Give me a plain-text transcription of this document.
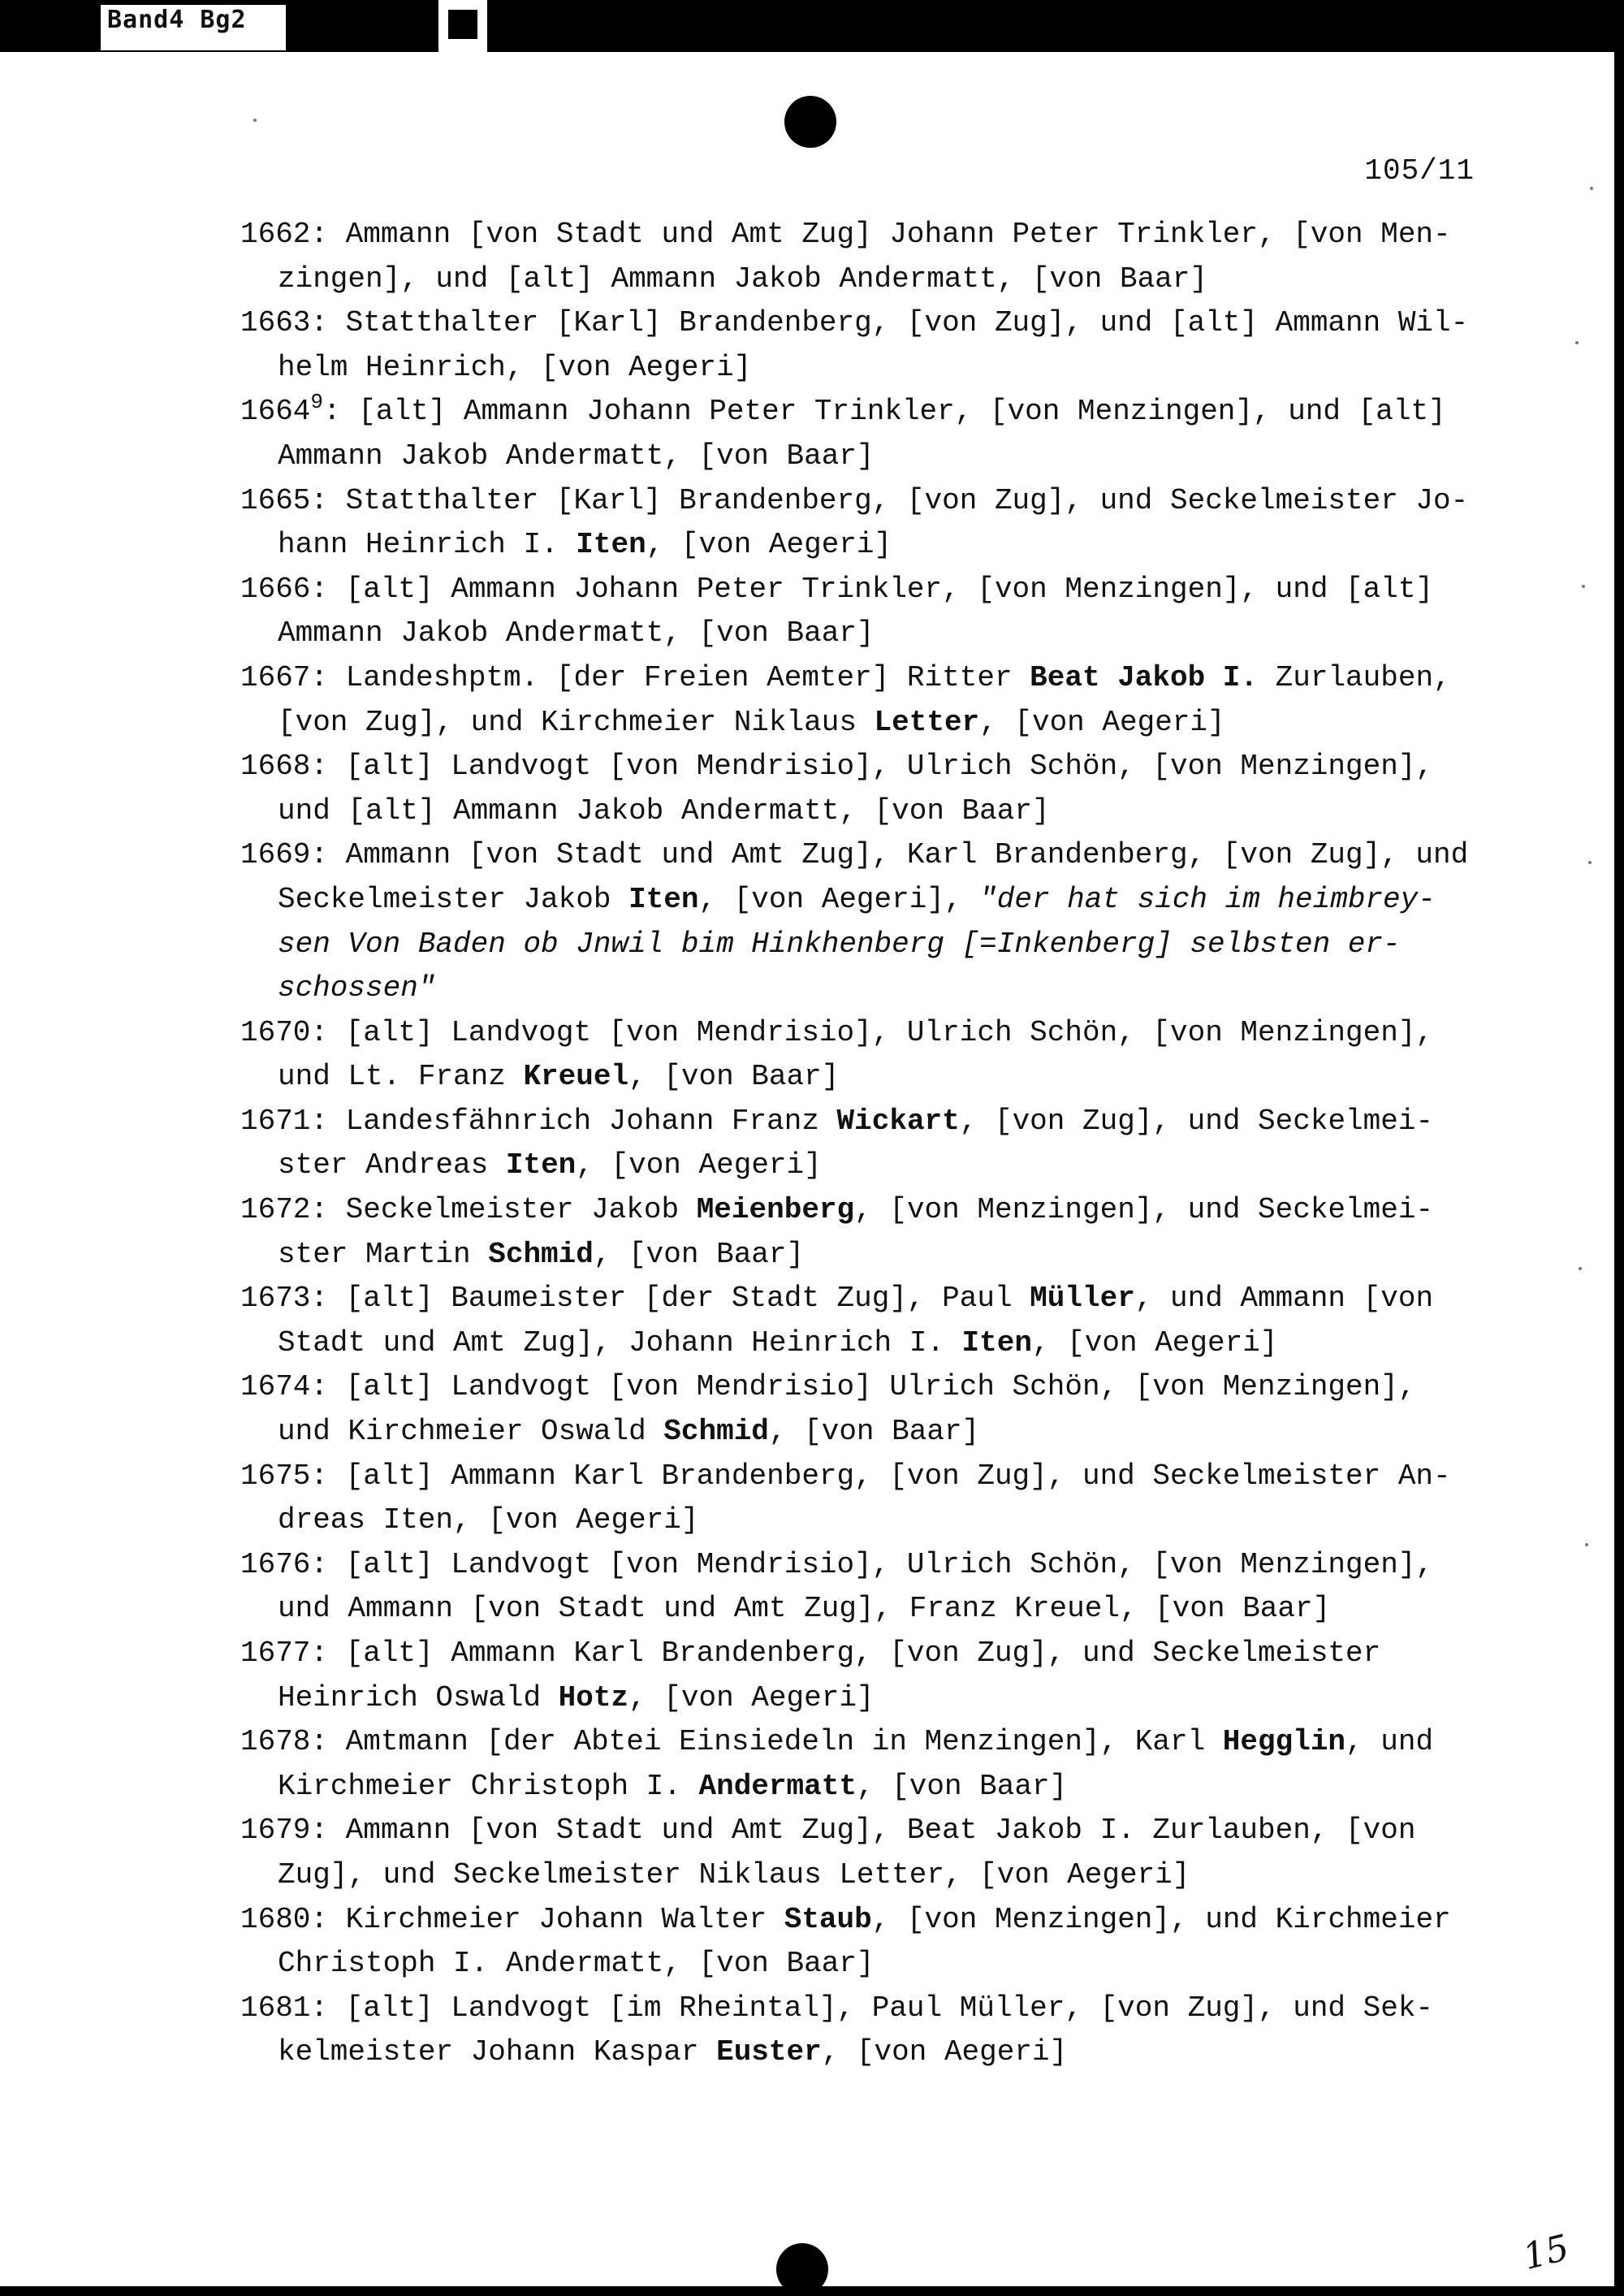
Band4 Bg2
105/11

1662: Ammann [von Stadt und Amt Zug] Johann Peter Trinkler, [von Men-

zingen], und [alt] Ammann Jakob Andermatt, [von Baar]

1663: Statthalter [Karl] Brandenberg, [von Zug], und [alt] Ammann Wil-

helm Heinrich, [von Aegeri]

1664$^9$: [alt] Ammann Johann Peter Trinkler, [von Menzingen], und [alt]

Ammann Jakob Andermatt, [von Baar]

1665: Statthalter [Karl] Brandenberg, [von Zug], und Seckelmeister Jo-

hann Heinrich I. Iten, [von Aegeri]

1666: [alt] Ammann Johann Peter Trinkler, [von Menzingen], und [alt]

Ammann Jakob Andermatt, [von Baar]

1667: Landeshptm. [der Freien Aemter] Ritter Beat Jakob I. Zurlauben,

[von Zug], und Kirchmeier Niklaus Letter, [von Aegeri]

1668: [alt] Landvogt [von Mendrisio], Ulrich Schön, [von Menzingen],

und [alt] Ammann Jakob Andermatt, [von Baar]

1669: Ammann [von Stadt und Amt Zug], Karl Brandenberg, [von Zug], und

Seckelmeister Jakob Iten, [von Aegeri], "der hat sich im heimbrey-

sen Von Baden ob Jnwil bim Hinkhenberg [=Inkenberg] selbsten er-

schossen"

1670: [alt] Landvogt [von Mendrisio], Ulrich Schön, [von Menzingen],

und Lt. Franz Kreuel, [von Baar]

1671: Landesfähnrich Johann Franz Wickart, [von Zug], und Seckelmei-

ster Andreas Iten, [von Aegeri]

1672: Seckelmeister Jakob Meienberg, [von Menzingen], und Seckelmei-

ster Martin Schmid, [von Baar]

1673: [alt] Baumeister [der Stadt Zug], Paul Müller, und Ammann [von

Stadt und Amt Zug], Johann Heinrich I. Iten, [von Aegeri]

1674: [alt] Landvogt [von Mendrisio] Ulrich Schön, [von Menzingen],

und Kirchmeier Oswald Schmid, [von Baar]

1675: [alt] Ammann Karl Brandenberg, [von Zug], und Seckelmeister An-

dreas Iten, [von Aegeri]

1676: [alt] Landvogt [von Mendrisio], Ulrich Schön, [von Menzingen],

und Ammann [von Stadt und Amt Zug], Franz Kreuel, [von Baar]

1677: [alt] Ammann Karl Brandenberg, [von Zug], und Seckelmeister

Heinrich Oswald Hotz, [von Aegeri]

1678: Amtmann [der Abtei Einsiedeln in Menzingen], Karl Hegglin, und

Kirchmeier Christoph I. Andermatt, [von Baar]

1679: Ammann [von Stadt und Amt Zug], Beat Jakob I. Zurlauben, [von

Zug], und Seckelmeister Niklaus Letter, [von Aegeri]

1680: Kirchmeier Johann Walter Staub, [von Menzingen], und Kirchmeier

Christoph I. Andermatt, [von Baar]

1681: [alt] Landvogt [im Rheintal], Paul Müller, [von Zug], und Sek-

kelmeister Johann Kaspar Euster, [von Aegeri]

15
